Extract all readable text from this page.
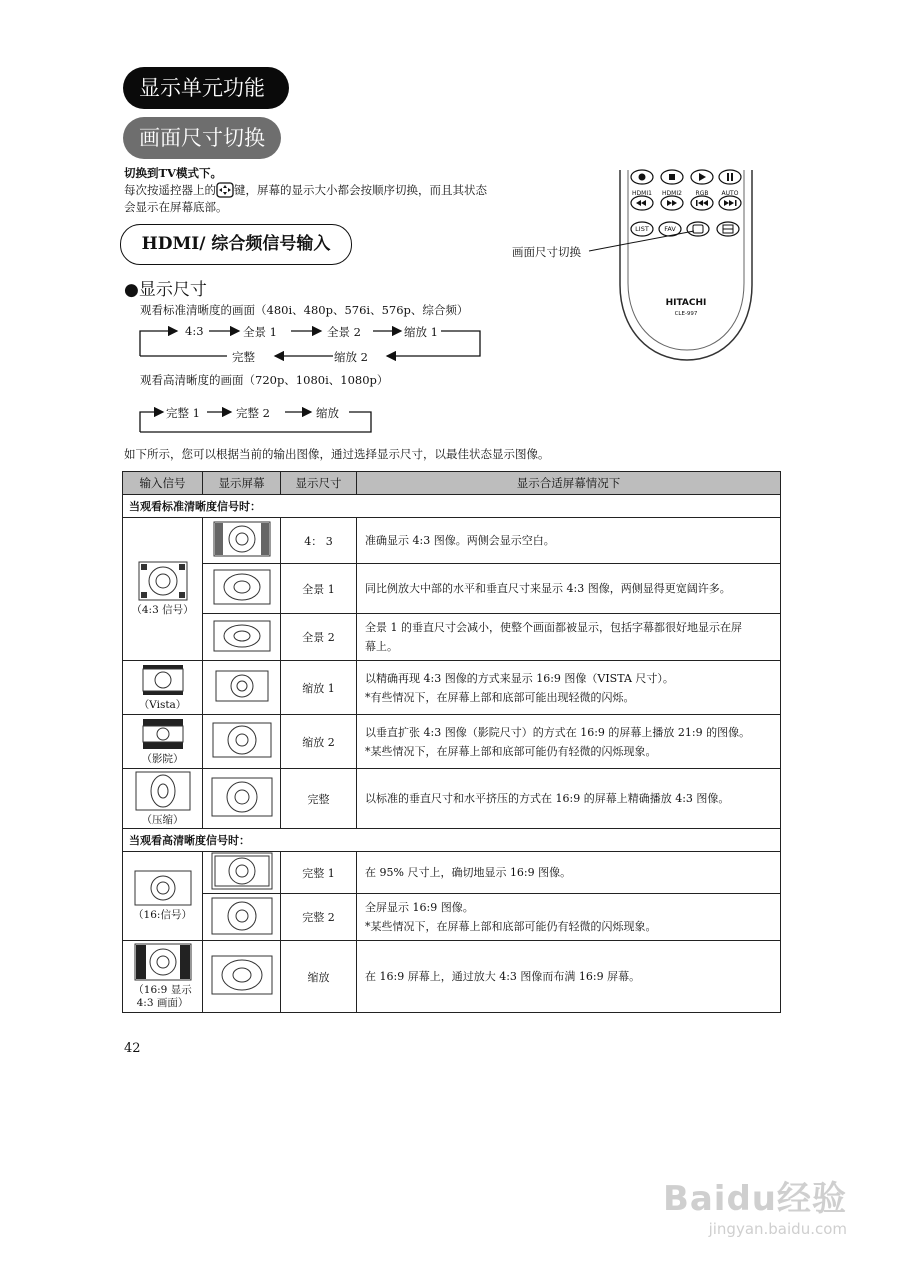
显示单元功能
画面尺寸切换
切换到TV模式下。
每次按遥控器上的 键，屏幕的显示大小都会按顺序切换，而且其状态
会显示在屏幕底部。
HDMI/ 综合频信号输入
●显示尺寸
HDMI1 HDMI2 RGB AUTO
LIST FAV
HITACHI
CLE-997
画面尺寸切换
观看标准清晰度的画面（480i、480p、576i、576p、综合频）
4:3	全景 1	全景 2	缩放 1
完整	缩放 2
观看高清晰度的画面（720p、1080i、1080p）
完整 1	完整 2	缩放
如下所示，您可以根据当前的输出图像，通过选择显示尺寸，以最佳状态显示图像。
输入信号	显示屏幕	显示尺寸	显示合适屏幕情况下
当观看标准清晰度信号时：			

（4:3 信号）		4： 3	准确显示 4:3 图像。两侧会显示空白。

	全景 1	同比例放大中部的水平和垂直尺寸来显示 4:3 图像，两侧显得更宽阔许多。

	全景 2	全景 1 的垂直尺寸会减小，使整个画面都被显示，包括字幕都很好地显示在屏
幕上。

（Vista）		缩放 1	以精确再现 4:3 图像的方式来显示 16:9 图像（VISTA 尺寸）。
*有些情况下，在屏幕上部和底部可能出现轻微的闪烁。

（影院）		缩放 2	以垂直扩张 4:3 图像（影院尺寸）的方式在 16:9 的屏幕上播放 21:9 的图像。
*某些情况下，在屏幕上部和底部可能仍有轻微的闪烁现象。

（压缩）		完整	以标准的垂直尺寸和水平挤压的方式在 16:9 的屏幕上精确播放 4:3 图像。

当观看高清晰度信号时：			

（16:信号）		完整 1	在 95% 尺寸上，确切地显示 16:9 图像。

	完整 2	全屏显示 16:9 图像。
*某些情况下，在屏幕上部和底部可能仍有轻微的闪烁现象。

（16:9 显示
4:3 画面）		缩放	在 16:9 屏幕上，通过放大 4:3 图像而布满 16:9 屏幕。
42
Baidu经验
jingyan.baidu.com
